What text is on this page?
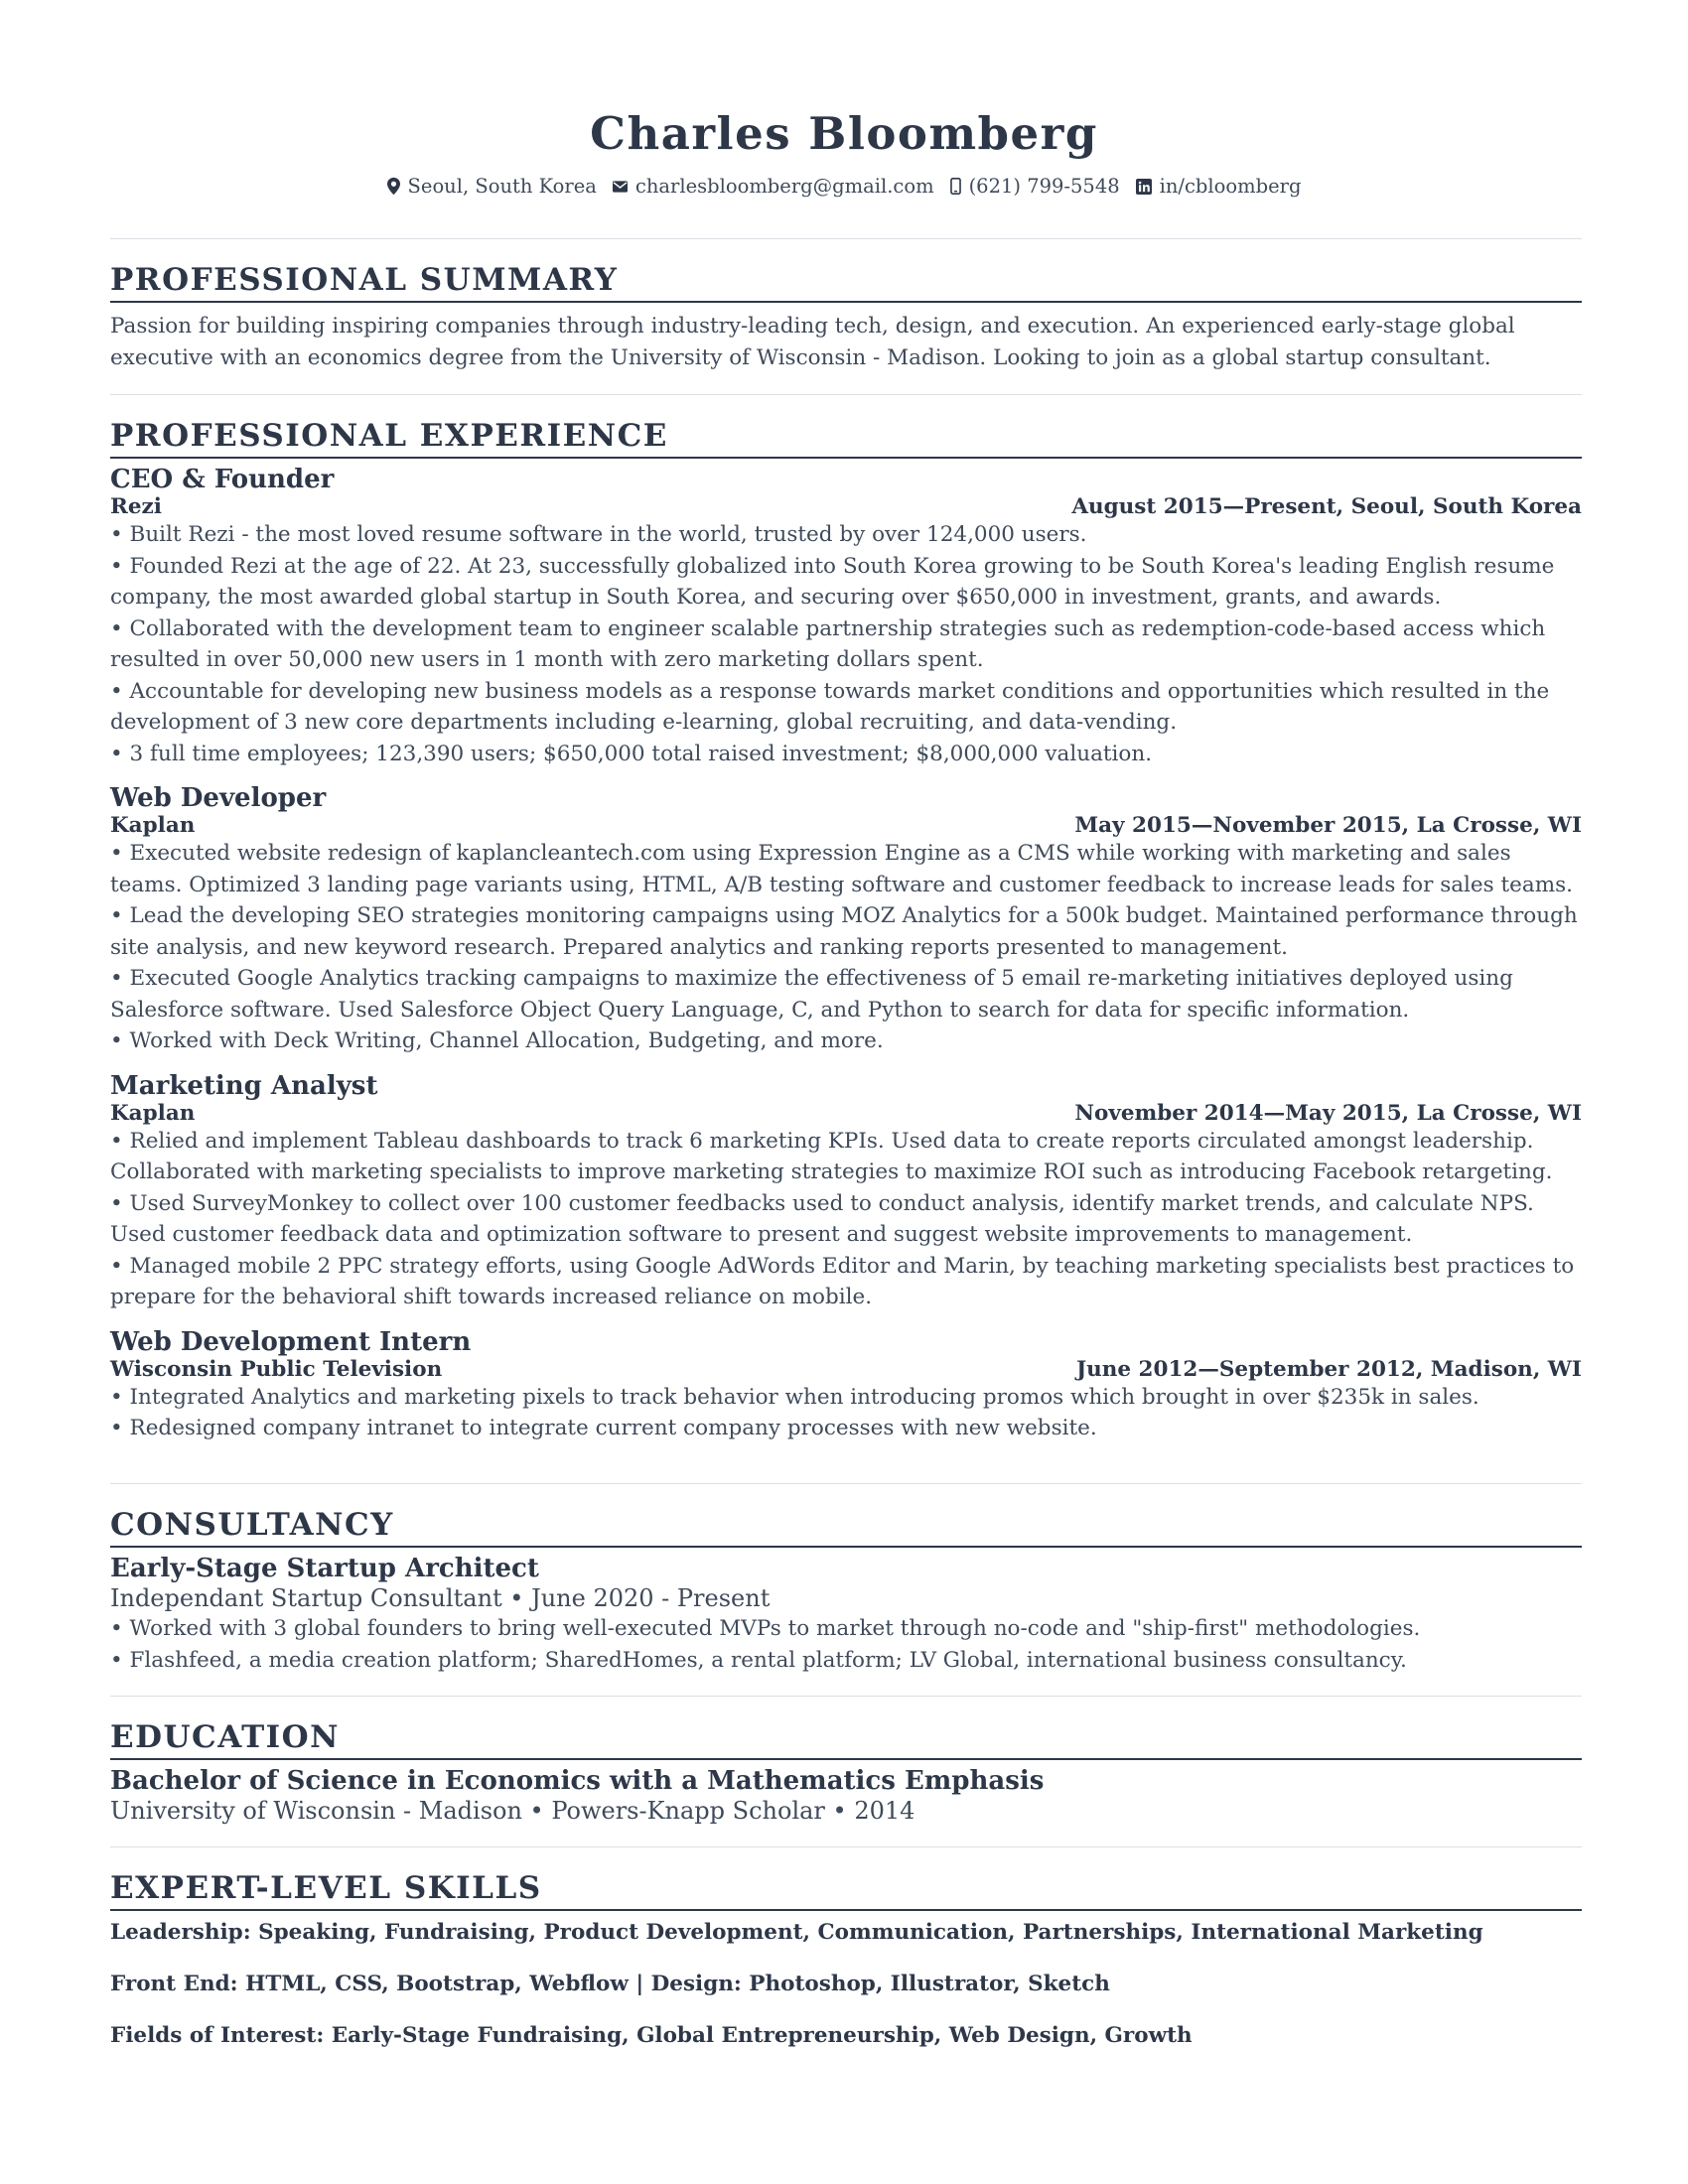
Charles Bloomberg
Seoul, South Korea charlesbloomberg@gmail.com (621) 799-5548 in/cbloomberg
PROFESSIONAL SUMMARY

Passion for building inspiring companies through industry-leading tech, design, and execution. An experienced early-stage global executive with an economics degree from the University of Wisconsin - Madison. Looking to join as a global startup consultant.

PROFESSIONAL EXPERIENCE
CEO & Founder
Rezi	August 2015—Present, Seoul, South Korea
• Built Rezi - the most loved resume software in the world, trusted by over 124,000 users.
• Founded Rezi at the age of 22. At 23, successfully globalized into South Korea growing to be South Korea's leading English resume company, the most awarded global startup in South Korea, and securing over $650,000 in investment, grants, and awards.
• Collaborated with the development team to engineer scalable partnership strategies such as redemption-code-based access which resulted in over 50,000 new users in 1 month with zero marketing dollars spent.
• Accountable for developing new business models as a response towards market conditions and opportunities which resulted in the development of 3 new core departments including e-learning, global recruiting, and data-vending.
• 3 full time employees; 123,390 users; $650,000 total raised investment; $8,000,000 valuation.
Web Developer
Kaplan	May 2015—November 2015, La Crosse, WI
• Executed website redesign of kaplancleantech.com using Expression Engine as a CMS while working with marketing and sales teams. Optimized 3 landing page variants using, HTML, A/B testing software and customer feedback to increase leads for sales teams.
• Lead the developing SEO strategies monitoring campaigns using MOZ Analytics for a 500k budget. Maintained performance through site analysis, and new keyword research. Prepared analytics and ranking reports presented to management.
• Executed Google Analytics tracking campaigns to maximize the effectiveness of 5 email re-marketing initiatives deployed using Salesforce software. Used Salesforce Object Query Language, C, and Python to search for data for specific information.
• Worked with Deck Writing, Channel Allocation, Budgeting, and more.
Marketing Analyst
Kaplan	November 2014—May 2015, La Crosse, WI
• Relied and implement Tableau dashboards to track 6 marketing KPIs. Used data to create reports circulated amongst leadership. Collaborated with marketing specialists to improve marketing strategies to maximize ROI such as introducing Facebook retargeting.
• Used SurveyMonkey to collect over 100 customer feedbacks used to conduct analysis, identify market trends, and calculate NPS. Used customer feedback data and optimization software to present and suggest website improvements to management.
• Managed mobile 2 PPC strategy efforts, using Google AdWords Editor and Marin, by teaching marketing specialists best practices to prepare for the behavioral shift towards increased reliance on mobile.
Web Development Intern
Wisconsin Public Television	June 2012—September 2012, Madison, WI
• Integrated Analytics and marketing pixels to track behavior when introducing promos which brought in over $235k in sales.
• Redesigned company intranet to integrate current company processes with new website.
CONSULTANCY
Early-Stage Startup Architect
Independant Startup Consultant • June 2020 - Present
• Worked with 3 global founders to bring well-executed MVPs to market through no-code and "ship-first" methodologies.
• Flashfeed, a media creation platform; SharedHomes, a rental platform; LV Global, international business consultancy.
EDUCATION
Bachelor of Science in Economics with a Mathematics Emphasis
University of Wisconsin - Madison • Powers-Knapp Scholar • 2014
EXPERT-LEVEL SKILLS
Leadership: Speaking, Fundraising, Product Development, Communication, Partnerships, International Marketing
Front End: HTML, CSS, Bootstrap, Webflow | Design: Photoshop, Illustrator, Sketch
Fields of Interest: Early-Stage Fundraising, Global Entrepreneurship, Web Design, Growth
